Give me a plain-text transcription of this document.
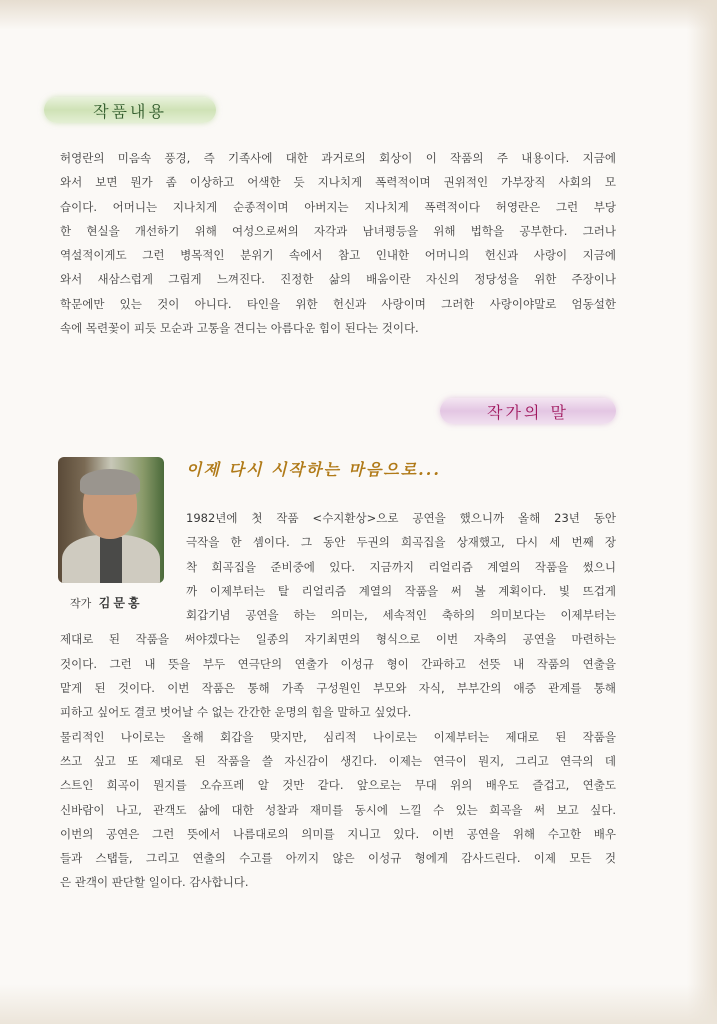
작품내용
허영란의 미음속 풍경, 즉 기족사에 대한 과거로의 회상이 이 작품의 주 내용이다. 지금에
와서 보면 뭔가 좀 이상하고 어색한 듯 지나치게 폭력적이며 권위적인 가부장직 사회의 모
습이다. 어머니는 지나치게 순종적이며 아버지는 지나치게 폭력적이다 허영란은 그런 부당
한 현실을 개선하기 위해 여성으로써의 자각과 남녀평등을 위해 법학을 공부한다. 그러나
역설적이게도 그런 병목적인 분위기 속에서 참고 인내한 어머니의 헌신과 사랑이 지금에
와서 새삼스럽게 그립게 느껴진다. 진정한 삶의 배움이란 자신의 정당성을 위한 주장이나
학문에만 있는 것이 아니다. 타인을 위한 헌신과 사랑이며 그러한 사랑이야말로 엄동설한
속에 목련꽃이 피듯 모순과 고통을 견디는 아름다운 힘이 된다는 것이다.
작가의 말
작가 김문홍
이제 다시 시작하는 마음으로...
1982년에 첫 작품 <수지환상>으로 공연을 했으니까 올해 23년 동안
극작을 한 셈이다. 그 동안 두권의 희곡집을 상재했고, 다시 세 번째 장
착 희곡집을 준비중에 있다. 지금까지 리얼리즘 계열의 작품을 썼으니
까 이제부터는 탈 리얼리즘 계열의 작품을 써 볼 계획이다. 빛 뜨겁게
회갑기념 공연을 하는 의미는, 세속적인 축하의 의미보다는 이제부터는
제대로 된 작품을 써야겠다는 일종의 자기최면의 형식으로 이번 자축의 공연을 마련하는
것이다. 그런 내 뜻을 부두 연극단의 연출가 이성규 형이 간파하고 선뜻 내 작품의 연출을
맡게 된 것이다. 이번 작품은 통해 가족 구성원인 부모와 자식, 부부간의 애증 관계를 통해
피하고 싶어도 결코 벗어날 수 없는 간간한 운명의 힘을 말하고 싶었다.
물리적인 나이로는 올해 회갑을 맞지만, 심리적 나이로는 이제부터는 제대로 된 작품을
쓰고 싶고 또 제대로 된 작품을 쓸 자신감이 생긴다. 이제는 연극이 뭔지, 그리고 연극의 데
스트인 희곡이 뭔지를 오슈프레 알 것만 같다. 앞으로는 무대 위의 배우도 즐겁고, 연출도
신바람이 나고, 관객도 삶에 대한 성찰과 재미를 동시에 느낄 수 있는 희곡을 써 보고 싶다.
이번의 공연은 그런 뜻에서 나름대로의 의미를 지니고 있다. 이번 공연을 위해 수고한 배우
들과 스탭들, 그리고 연출의 수고를 아끼지 않은 이성규 형에게 감사드린다. 이제 모든 것
은 관객이 판단할 일이다. 감사합니다.
